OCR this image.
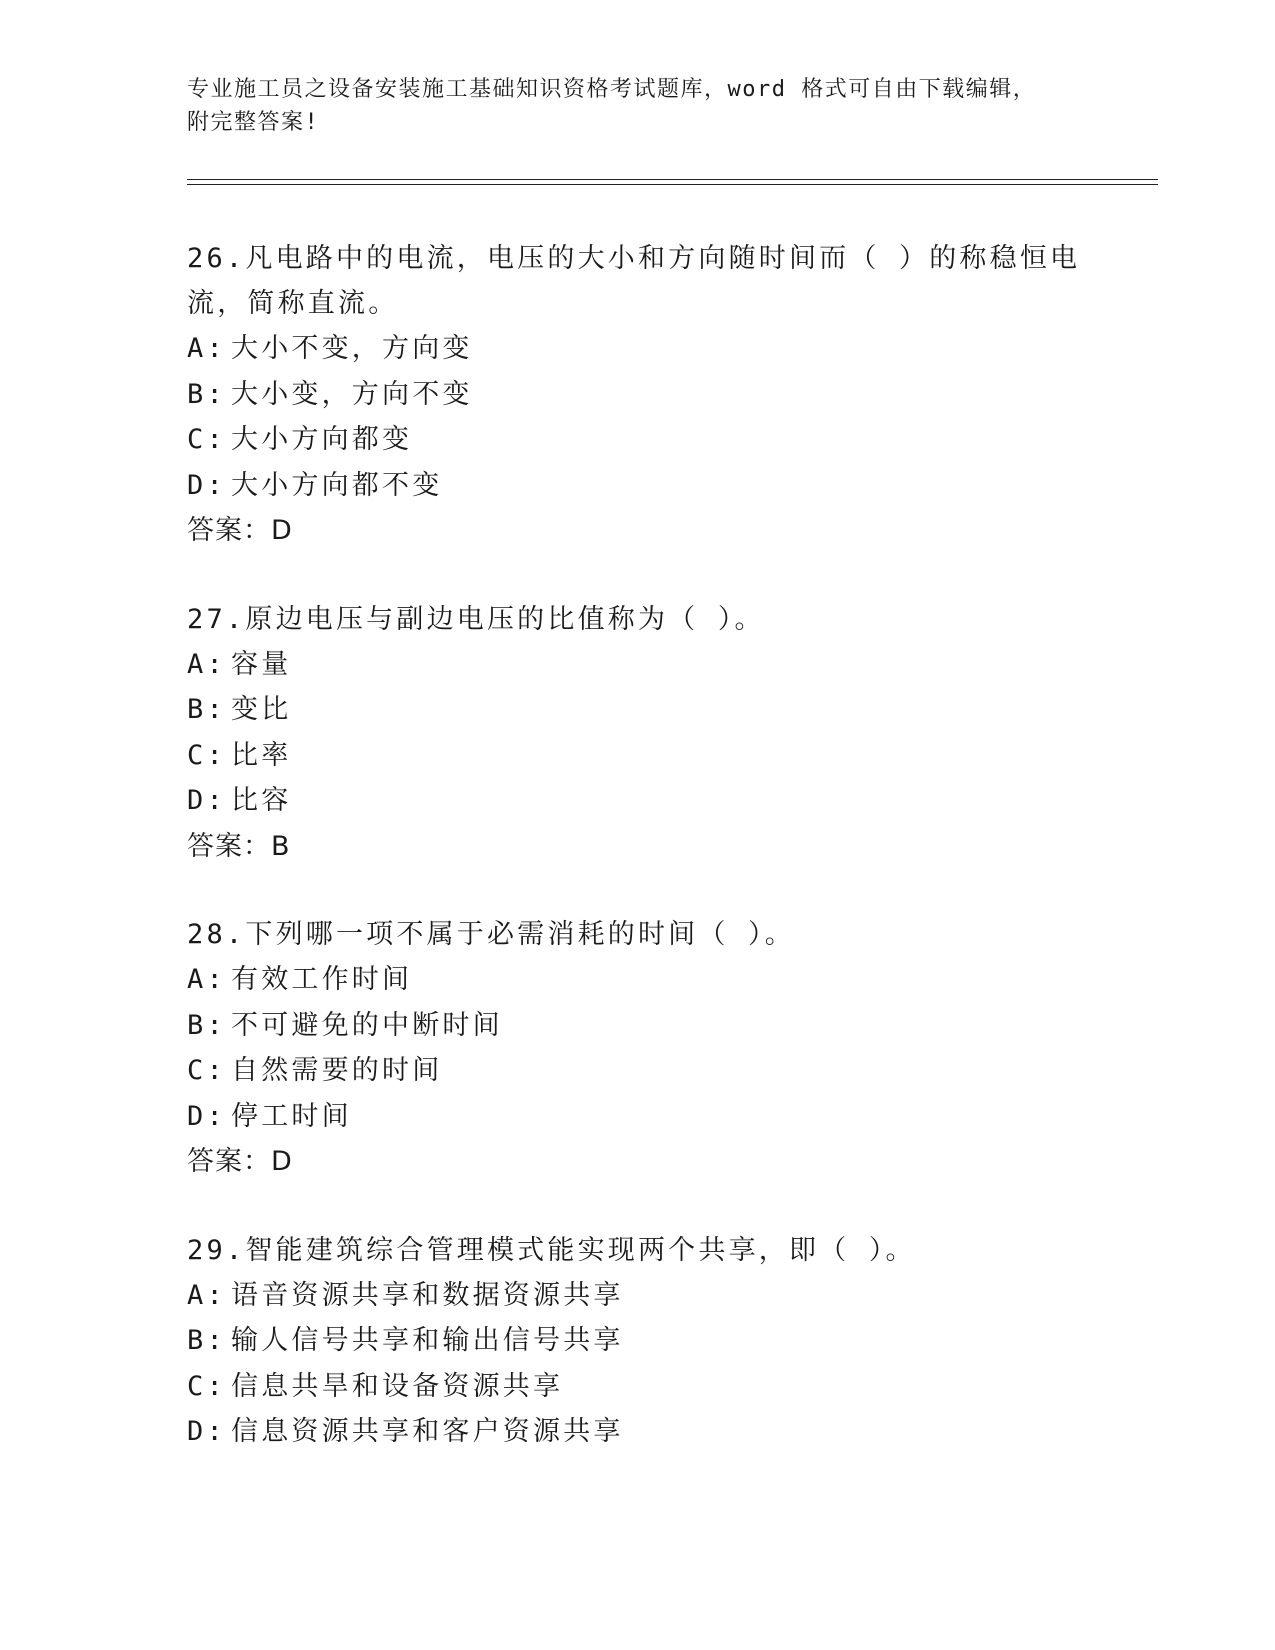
专业施工员之设备安装施工基础知识资格考试题库，word 格式可自由下载编辑，
附完整答案!

26.凡电路中的电流，电压的大小和方向随时间而（ ）的称稳恒电流，简称直流。

A: 大小不变，方向变
B: 大小变，方向不变
C: 大小方向都变
D: 大小方向都不变
答案：D

27.原边电压与副边电压的比值称为（ ）。

A: 容量
B: 变比
C: 比率
D: 比容
答案：B

28.下列哪一项不属于必需消耗的时间（ ）。

A: 有效工作时间
B: 不可避免的中断时间
C: 自然需要的时间
D: 停工时间
答案：D

29.智能建筑综合管理模式能实现两个共享，即（ ）。

A: 语音资源共享和数据资源共享
B: 输人信号共享和输出信号共享
C: 信息共旱和设备资源共享
D: 信息资源共享和客户资源共享
